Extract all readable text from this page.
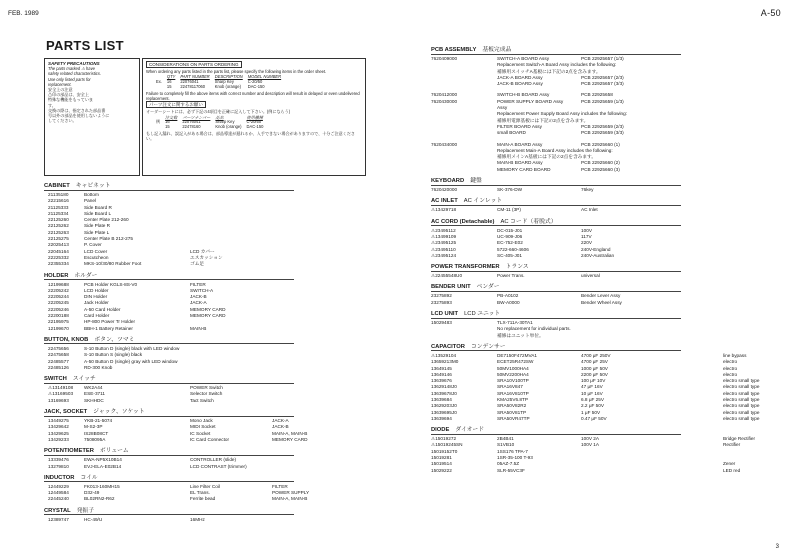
FEB. 1989	A-50
PARTS LIST
SAFETY PRECAUTIONS
The parts marked ⚠ have
safety related characteristics.
Use only listed parts for
replacement.
安全上の注意
⚠印の部品は、安全上
特殊な機能をもっていま
す。
交換の際は、指定された部品番
号以外の部品を使用しないように
してください。
CONSIDERATIONS ON PARTS ORDERING
When ordering any parts listed in the parts list, please specify the following items in the order sheet.
	QTY	PART NUMBER	DESCRIPTION	MODEL NUMBER
Ex.	16	22076041	Sharp Key	C-20/50
	15	22478117060	Knob (orange)	DAC-150
Failure to completely fill the above items with correct number and description will result in delayed or even undelivered replacement.
パーツ注文に関するお願い
オーダーシートには、必ず下記の4項目を正確に記入して下さい。(例にならう)
	注文数	パーツナンバー	品名	使用機種
例	16	22076041	Sharp Key	C-20/50
	15	22478160	Knob (orange)	DAC-150
もし記入漏れ、誤記入がある場合は、部品導達が遅れるか、入手できない場合がありますので、十分ご注意ください。
CABINET キャビネット
21135180	Bottom
22215616	Panel
21125333	Side Board R
21125334	Side Board L
22125260	Center Plate 212-260
22125262	Side Plate R
22125263	Side Plate L
22125275	Center Plate B 212-275
22025413	P. Cover
22045164	LCD Cover	LCD カバー
22225332	Escutcheon	エスカッション
22355334	MKS-10/30/80 Rubber Foot	ゴム足
HOLDER ホルダー
12199688	PCB Holder KGLS-8S-V0	FILTER
22205242	LCD Holder	SWITCH-A
22205244	DIN Holder	JACK-B
22205245	Jack Holder	JACK-A
22205246	A-50 Card Holder	MEMORY CARD
22200188	Card Holder	MEMORY CARD
22195975	HP-800 Power Tr Holder
12199670	BBH-1 Battery Retainer	MAIN-B
BUTTON, KNOB ボタン、ツマミ
22475656	S-10 Button D (single) black with LED window
22475658	S-10 Button S (single) black
22485577	A-50 Button D (single) gray with LED window
22485126	RD-300 Knob
SWITCH スイッチ
⚠13149108 WK2A44	POWER Switch
⚠13169503 ESE-3711	Selector Switch
13169693	SKHHDC	Tact Switch
JACK, SOCKET ジャック、ソケット
13449275	YKB-21-5074	Mono Jack	JACK-A
13429642	M-S2-3P	MIDI Socket	JACK-B
13429625	IS28B08CT	IC Socket	MAIN-A, MAIN-B
13429233	7508095A	IC Card Connector	MEMORY CARD
POTENTIOMETER ボリューム
13339476	EWA-NP5X10B14	CONTROLLER (slide)
13279810	EVJ-ELA-E02B14	LCD CONTRAST (trimmer)
INDUCTOR コイル
12449229	FK013-160MH15	Line Filter Coil	FILTER
12449584	D32-49	EL Trans.	POWER SUPPLY
22445240	BL02RN2-R62	Ferrite bead	MAIN-A, MAIN-B
CRYSTAL 発振子
12389747	HC-49/U	16MHz
PCB ASSEMBLY 基板完成品
7620409000	SWITCH-A BOARD Assy	PCB 22925657 (1/3)
Replacement Switch-A Board Assy includes the following:
補修用スイッチA基板には下記の2点を含みます。
JACK-A BOARD Assy	PCB 22925657 (2/3)
JACK-B BOARD Assy	PCB 22925657 (3/3)
7620412000	SWITCH-B BOARD Assy	PCB 22925658
7620430000	POWER SUPPLY BOARD Assy	PCB 22925659 (1/3)
Assy
Replacement Power Supply Board Assy includes the following:
補修用電源基板には下記の2点を含みます。
FILTER BOARD Assy	PCB 22925659 (2/3)
small BOARD	PCB 22925659 (3/3)
7620434000	MAIN-A BOARD Assy	PCB 22925660 (1)
Replacement Main-A Board Assy includes the following:
補修用メインA基板には下記の2点を含みます。
MAIN-B BOARD Assy	PCB 22925660 (2)
MEMORY CARD BOARD	PCB 22925660 (3)
KEYBOARD 鍵盤
7620420000	SK-376-DW	76key
AC INLET AC インレット
⚠13429718	CM-11 (3P)	AC Inlet
AC CORD (Detachable) AC コード（着脱式）
⚠23495112	DC-015-J01	100V
⚠13499109	UC-909-J06	117V
⚠23495125	EC-752-E02	220V
⚠23495110	5722-660-4606	240V-England
⚠23495124	SC-405-J01	240V-Australian
POWER TRANSFORMER トランス
⚠22455548U0	Power Trans.	universal
BENDER UNIT ベンダー
23275892	PB-A0102	Bender Lever Assy
23275893	BW-A0000	Bender Wheel Assy
LCD UNIT LCD ユニット
15029483	TLX-711A-30TA1
No replacement for individual parts.
補修はユニット単位。
CAPACITOR コンデンサー
⚠13529104	DE7150F472MVA1	4700 μF 250V	line bypass
13659213M0	ECET25R472SW	4700 μF 25V	electro
13649145	50MV1000HA4	1000 μF 50V	electro
13649146	50MV2200HA4	2200 μF 50V	electro
13639676	SRA10V100TP	100 μF 10V	electro small type
13629148J0	SRA16V847	47 μF 16V	electro small type
13639678J0	SRA16V810TP	10 μF 16V	electro small type
13639684	KMA25V6.8TP	6.8 μF 25V	electro small type
13629203J0	SRA50V82R2	2.2 μF 50V	electro small type
13639695J0	SRA50V81TP	1 μF 50V	electro small type
13639694	SRA50VR47TP	0.47 μF 50V	electro small type
DIODE ダイオード
⚠15019272	2B4B41	100V 2A	Bridge Rectifier
⚠15019245SN	S1VB10	100V 1A	Rectifier
15019152T0	1SS176 TPA-7
15019281	1SR-35-100 T-93
15019514	05AZ-7.5Z	Zener
15029222	SLR-55VC3F	LED red
3
